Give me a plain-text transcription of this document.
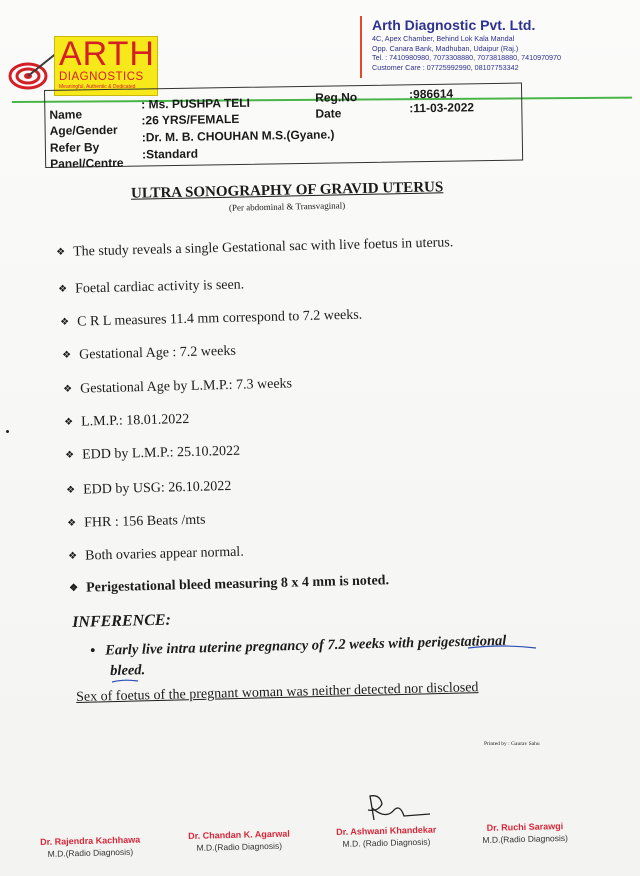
ARTH
DIAGNOSTICS
Meaningful, Authentic & Dedicated
Arth Diagnostic Pvt. Ltd.
4C, Apex Chamber, Behind Lok Kala Mandal
Opp. Canara Bank, Madhuban, Udaipur (Raj.)
Tel. : 7410980980, 7073308880, 7073818880, 7410970970
Customer Care : 07725992990, 08107753342
Name
: Ms. PUSHPA TELI
Age/Gender
:26 YRS/FEMALE
Refer By
:Dr. M. B. CHOUHAN M.S.(Gyane.)
Panel/Centre
:Standard
Reg.No	:986614
Date	:11-03-2022
ULTRA SONOGRAPHY OF GRAVID UTERUS
(Per abdominal & Transvaginal)
❖ The study reveals a single Gestational sac with live foetus in uterus.
❖ Foetal cardiac activity is seen.
❖ C R L measures 11.4 mm correspond to 7.2 weeks.
❖ Gestational Age : 7.2 weeks
❖ Gestational Age by L.M.P.: 7.3 weeks
❖ L.M.P.: 18.01.2022
❖ EDD by L.M.P.: 25.10.2022
❖ EDD by USG: 26.10.2022
❖ FHR : 156 Beats /mts
❖ Both ovaries appear normal.
❖ Perigestational bleed measuring 8 x 4 mm is noted.
INFERENCE:
• Early live intra uterine pregnancy of 7.2 weeks with perigestational
bleed.
Sex of foetus of the pregnant woman was neither detected nor disclosed
Printed by : Gaurav Sahu
Dr. Rajendra Kachhawa
M.D.(Radio Diagnosis)
Dr. Chandan K. Agarwal
M.D.(Radio Diagnosis)
Dr. Ashwani Khandekar
M.D. (Radio Diagnosis)
Dr. Ruchi Sarawgi
M.D.(Radio Diagnosis)
